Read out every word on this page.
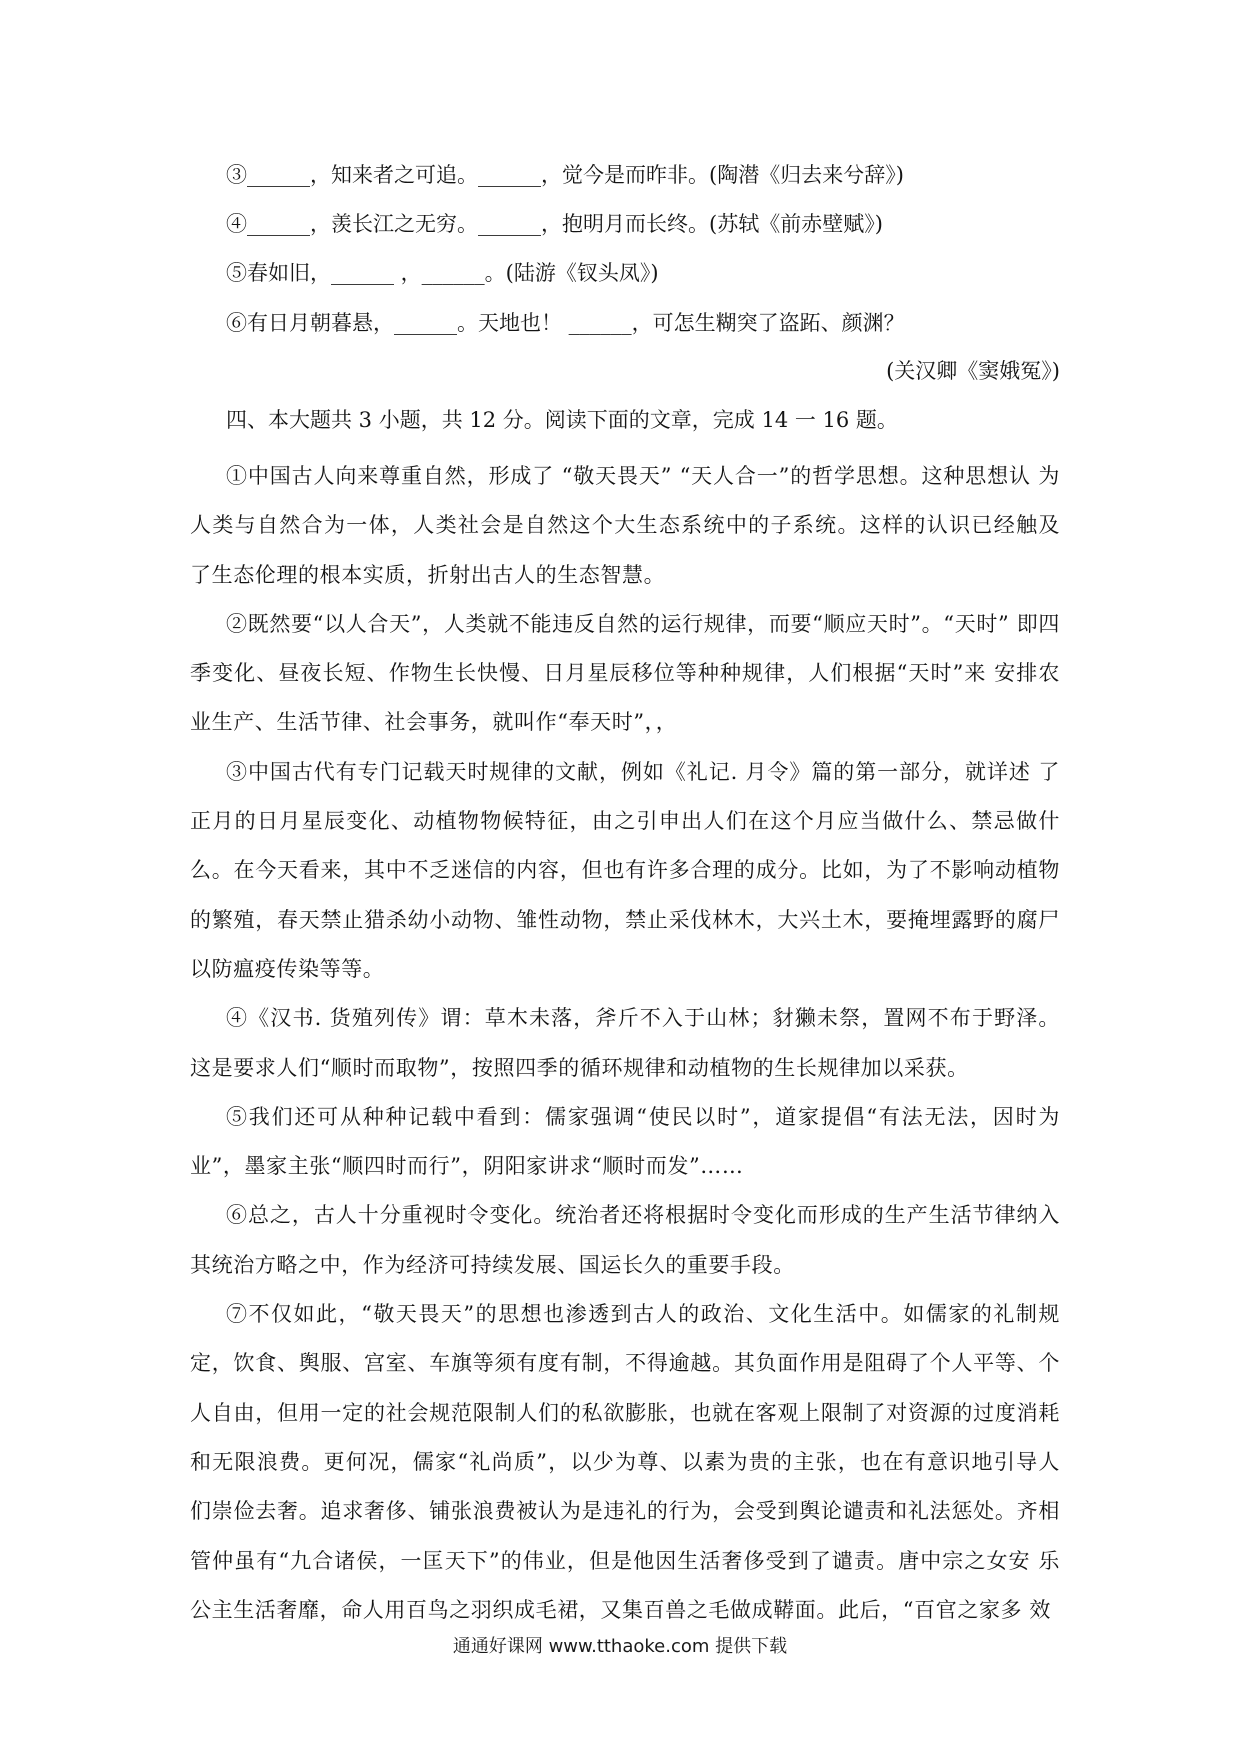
③______，知来者之可追。______，觉今是而昨非。(陶潜《归去来兮辞》)
④______，羡长江之无穷。______，抱明月而长终。(苏轼《前赤壁赋》)
⑤春如旧，______ ，______。(陆游《钗头凤》)
⑥有日月朝暮悬，______。天地也！ ______，可怎生糊突了盗跖、颜渊？
(关汉卿《窦娥冤》)
四、本大题共 3 小题，共 12 分。阅读下面的文章，完成 14 一 16 题。

①中国古人向来尊重自然，形成了 “敬天畏天” “天人合一”的哲学思想。这种思想认 为人类与自然合为一体，人类社会是自然这个大生态系统中的子系统。这样的认识已经触及 了生态伦理的根本实质，折射出古人的生态智慧。

②既然要“以人合天”，人类就不能违反自然的运行规律，而要“顺应天时”。“天时” 即四季变化、昼夜长短、作物生长快慢、日月星辰移位等种种规律，人们根据“天时”来 安排农业生产、生活节律、社会事务，就叫作“奉天时”，，

③中国古代有专门记载天时规律的文献，例如《礼记. 月令》篇的第一部分，就详述 了正月的日月星辰变化、动植物物候特征，由之引申出人们在这个月应当做什么、禁忌做什 么。在今天看来，其中不乏迷信的内容，但也有许多合理的成分。比如，为了不影响动植物 的繁殖，春天禁止猎杀幼小动物、雏性动物，禁止采伐林木，大兴土木，要掩埋露野的腐尸 以防瘟疫传染等等。

④《汉书. 货殖列传》谓：草木未落，斧斤不入于山林；豺獭未祭，置网不布于野泽。 这是要求人们“顺时而取物”，按照四季的循环规律和动植物的生长规律加以采获。

⑤我们还可从种种记载中看到：儒家强调“使民以时”，道家提倡“有法无法，因时为 业”，墨家主张“顺四时而行”，阴阳家讲求“顺时而发”……

⑥总之，古人十分重视时令变化。统治者还将根据时令变化而形成的生产生活节律纳入其统治方略之中，作为经济可持续发展、国运长久的重要手段。

⑦不仅如此，“敬天畏天”的思想也渗透到古人的政治、文化生活中。如儒家的礼制规 定，饮食、舆服、宫室、车旗等须有度有制，不得逾越。其负面作用是阻碍了个人平等、个 人自由，但用一定的社会规范限制人们的私欲膨胀，也就在客观上限制了对资源的过度消耗 和无限浪费。更何况，儒家“礼尚质”，以少为尊、以素为贵的主张，也在有意识地引导人 们崇俭去奢。追求奢侈、铺张浪费被认为是违礼的行为，会受到舆论谴责和礼法惩处。齐相 管仲虽有“九合诸侯，一匡天下”的伟业，但是他因生活奢侈受到了谴责。唐中宗之女安 乐公主生活奢靡，命人用百鸟之羽织成毛裙，又集百兽之毛做成鞯面。此后，“百官之家多 效

通通好课网 www.tthaoke.com 提供下载
